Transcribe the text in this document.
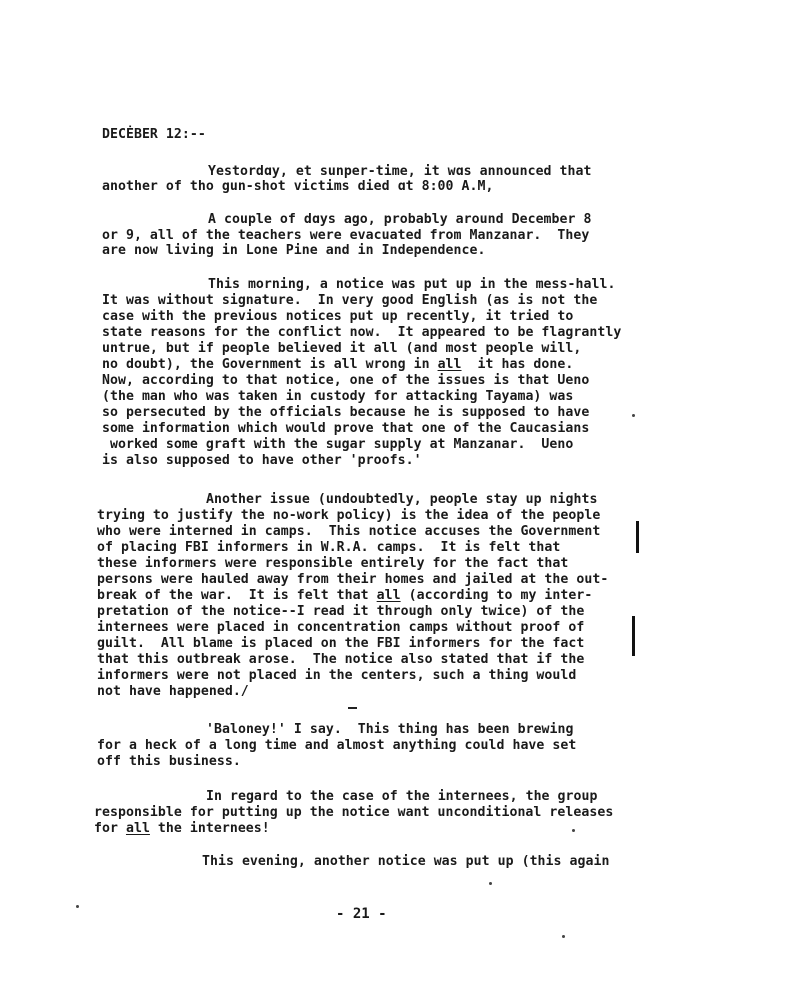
DECĖBER 12:--
Yestordɑy, et sunper-time, it wɑs announced that
another of tho gun-shot victims died ɑt 8:00 A.M,
A couple of dɑys ago, probably around December 8
or 9, all of the teachers were evacuated from Manzanar.  They
are now living in Lone Pine and in Independence.
This morning, a notice was put up in the mess-hall.
It was without signature.  In very good English (as is not the
case with the previous notices put up recently, it tried to
state reasons for the conflict now.  It appeared to be flagrantly
untrue, but if people believed it all (and most people will,
no doubt), the Government is all wrong in all  it has done.
Now, according to that notice, one of the issues is that Ueno
(the man who was taken in custody for attacking Tayama) was
so persecuted by the officials because he is supposed to have
some information which would prove that one of the Caucasians
worked some graft with the sugar supply at Manzanar.  Ueno
is also supposed to have other 'proofs.'
Another issue (undoubtedly, people stay up nights
trying to justify the no-work policy) is the idea of the people
who were interned in camps.  This notice accuses the Government
of placing FBI informers in W.R.A. camps.  It is felt that
these informers were responsible entirely for the fact that
persons were hauled away from their homes and jailed at the out-
break of the war.  It is felt that all (according to my inter-
pretation of the notice--I read it through only twice) of the
internees were placed in concentration camps without proof of
guilt.  All blame is placed on the FBI informers for the fact
that this outbreak arose.  The notice also stated that if the
informers were not placed in the centers, such a thing would
not have happened./
'Baloney!' I say.  This thing has been brewing
for a heck of a long time and almost anything could have set
off this business.
In regard to the case of the internees, the group
responsible for putting up the notice want unconditional releases
for all the internees!
This evening, another notice was put up (this again
- 21 -
